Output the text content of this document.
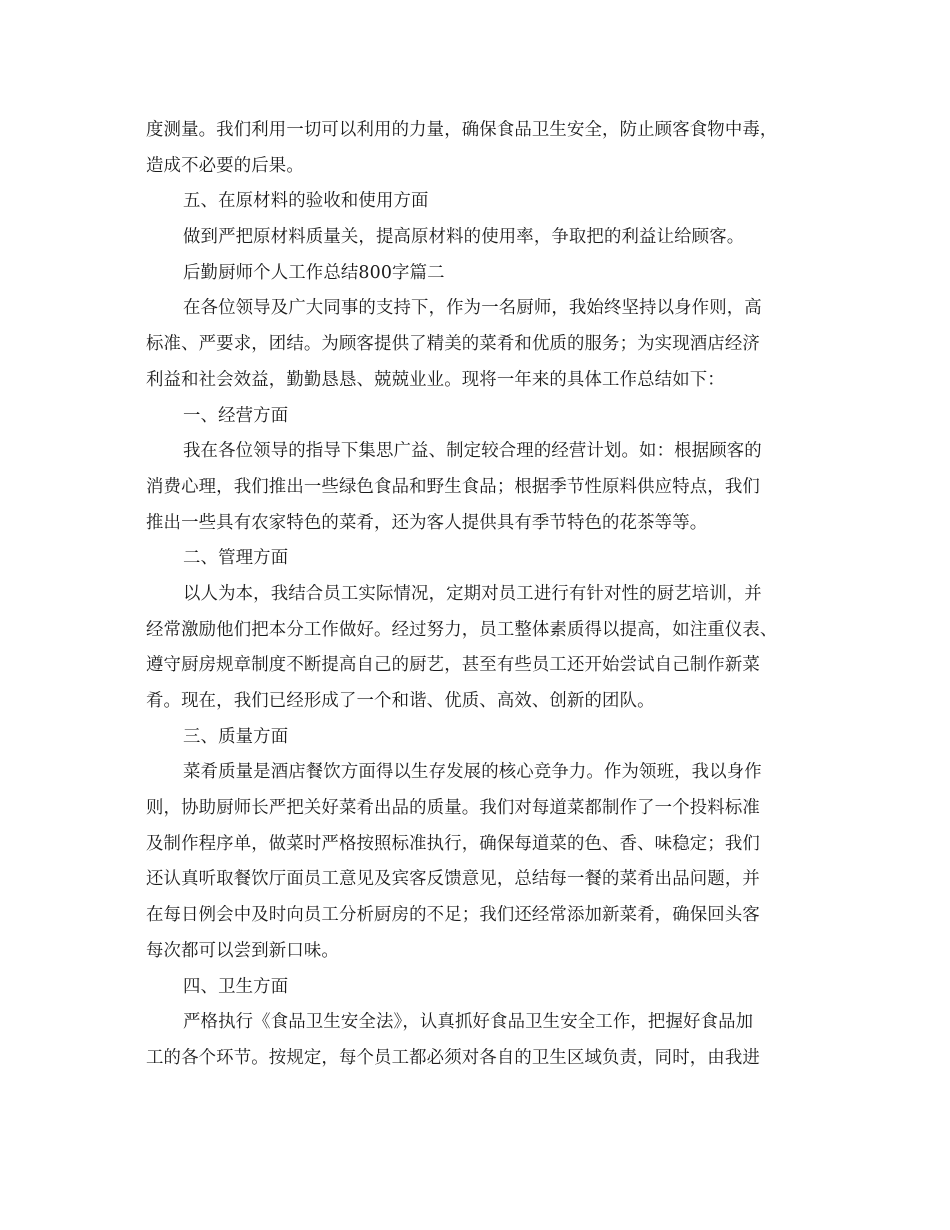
度测量。我们利用一切可以利用的力量，确保食品卫生安全，防止顾客食物中毒，
造成不必要的后果。
五、在原材料的验收和使用方面
做到严把原材料质量关，提高原材料的使用率，争取把的利益让给顾客。
后勤厨师个人工作总结800字篇二
在各位领导及广大同事的支持下，作为一名厨师，我始终坚持以身作则，高
标准、严要求，团结。为顾客提供了精美的菜肴和优质的服务；为实现酒店经济
利益和社会效益，勤勤恳恳、兢兢业业。现将一年来的具体工作总结如下：
一、经营方面
我在各位领导的指导下集思广益、制定较合理的经营计划。如：根据顾客的
消费心理，我们推出一些绿色食品和野生食品；根据季节性原料供应特点，我们
推出一些具有农家特色的菜肴，还为客人提供具有季节特色的花茶等等。
二、管理方面
以人为本，我结合员工实际情况，定期对员工进行有针对性的厨艺培训，并
经常激励他们把本分工作做好。经过努力，员工整体素质得以提高，如注重仪表、
遵守厨房规章制度不断提高自己的厨艺，甚至有些员工还开始尝试自己制作新菜
肴。现在，我们已经形成了一个和谐、优质、高效、创新的团队。
三、质量方面
菜肴质量是酒店餐饮方面得以生存发展的核心竞争力。作为领班，我以身作
则，协助厨师长严把关好菜肴出品的质量。我们对每道菜都制作了一个投料标准
及制作程序单，做菜时严格按照标准执行，确保每道菜的色、香、味稳定；我们
还认真听取餐饮厅面员工意见及宾客反馈意见，总结每一餐的菜肴出品问题，并
在每日例会中及时向员工分析厨房的不足；我们还经常添加新菜肴，确保回头客
每次都可以尝到新口味。
四、卫生方面
严格执行《食品卫生安全法》，认真抓好食品卫生安全工作，把握好食品加
工的各个环节。按规定，每个员工都必须对各自的卫生区域负责，同时，由我进
